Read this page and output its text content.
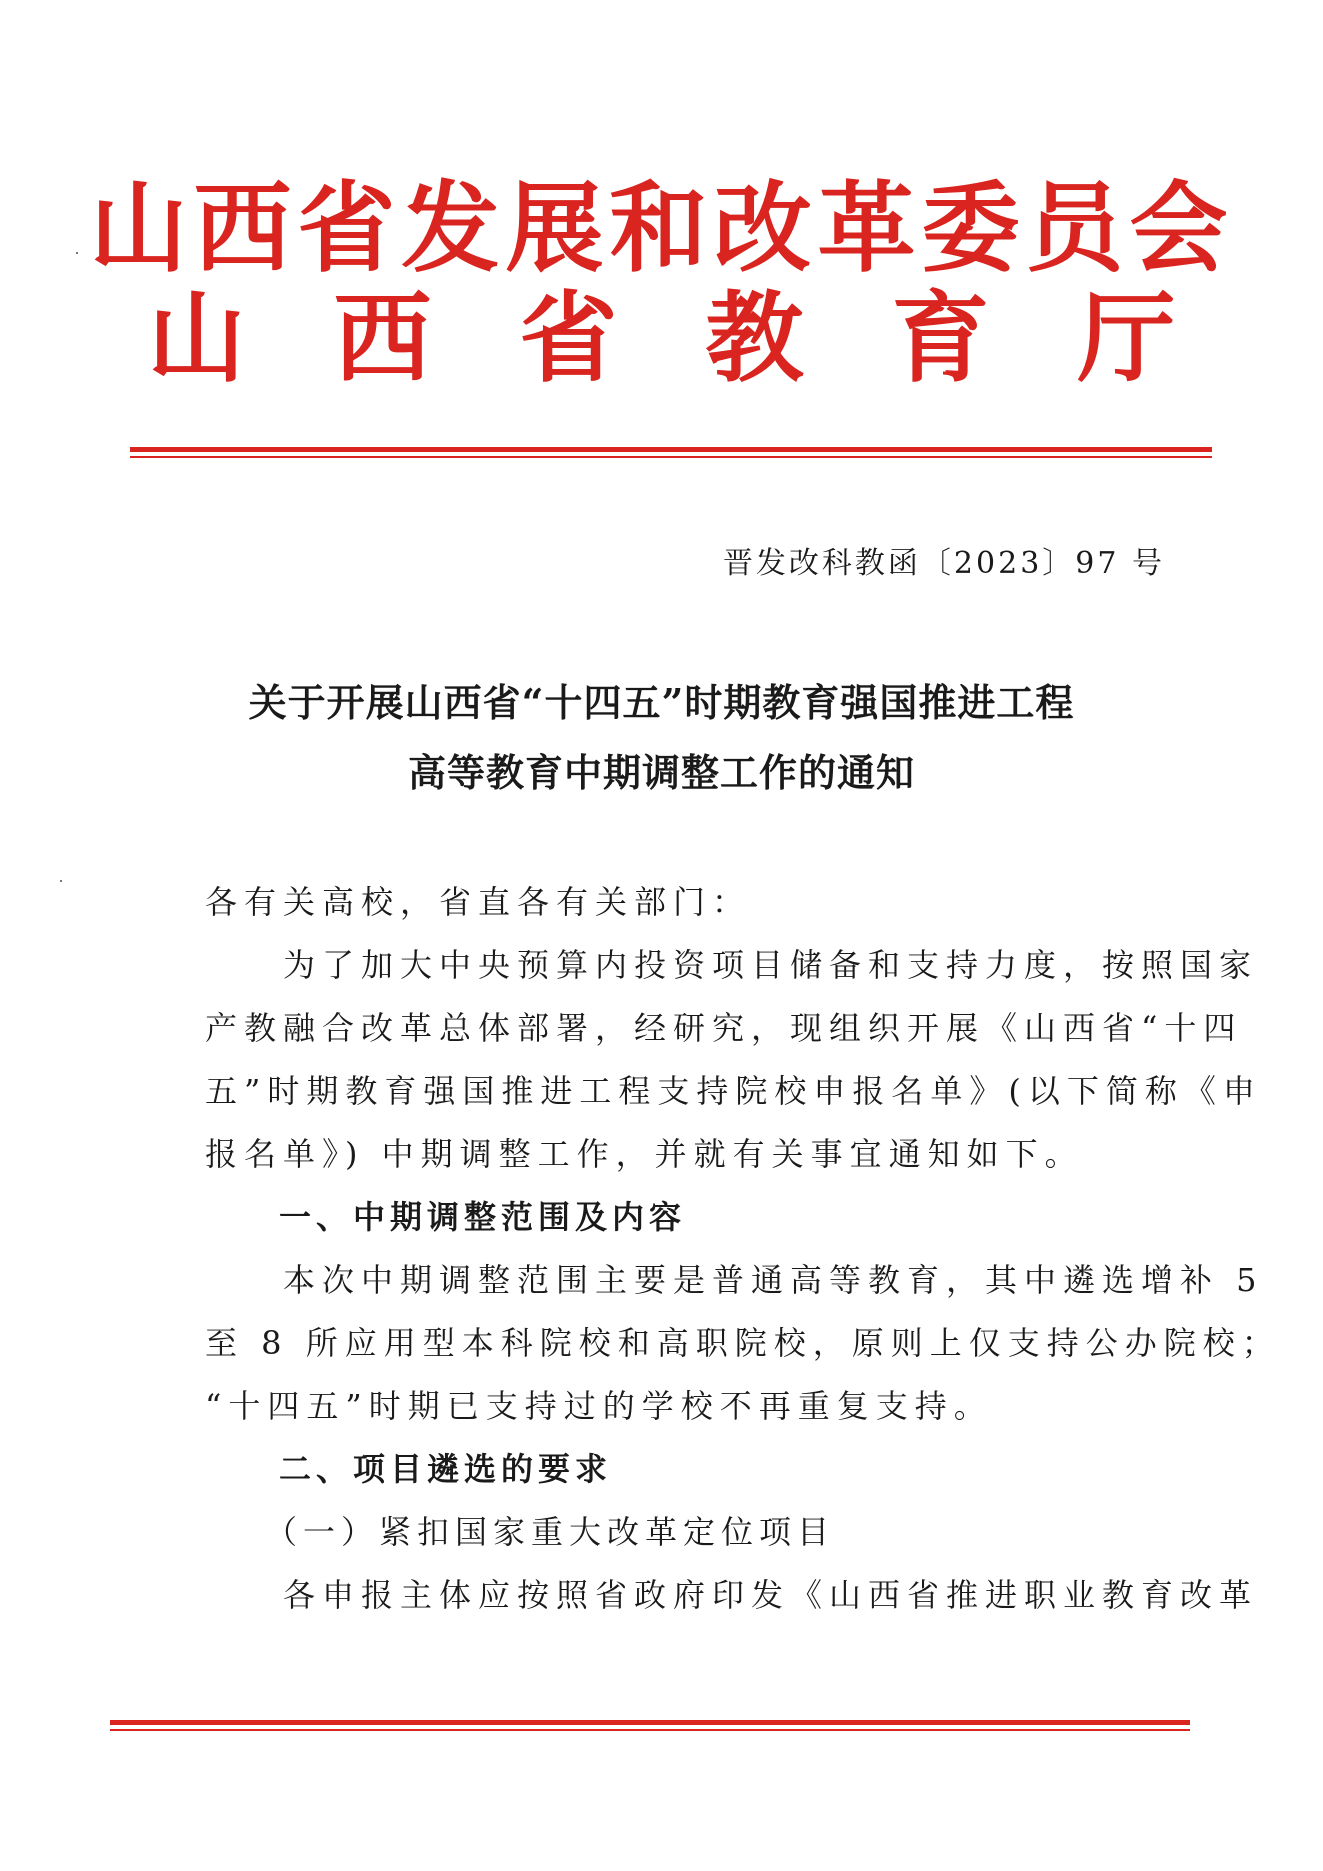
山西省发展和改革委员会
山西省教育厅
晋发改科教函〔2023〕97 号
关于开展山西省“十四五”时期教育强国推进工程
高等教育中期调整工作的通知
各有关高校，省直各有关部门：
　　为了加大中央预算内投资项目储备和支持力度，按照国家
产教融合改革总体部署，经研究，现组织开展《山西省“十四
五”时期教育强国推进工程支持院校申报名单》(以下简称《申
报名单》) 中期调整工作，并就有关事宜通知如下。
　　一、中期调整范围及内容
　　本次中期调整范围主要是普通高等教育，其中遴选增补 5
至 8 所应用型本科院校和高职院校，原则上仅支持公办院校；
“十四五”时期已支持过的学校不再重复支持。
　　二、项目遴选的要求
　　（一）紧扣国家重大改革定位项目
　　各申报主体应按照省政府印发《山西省推进职业教育改革
